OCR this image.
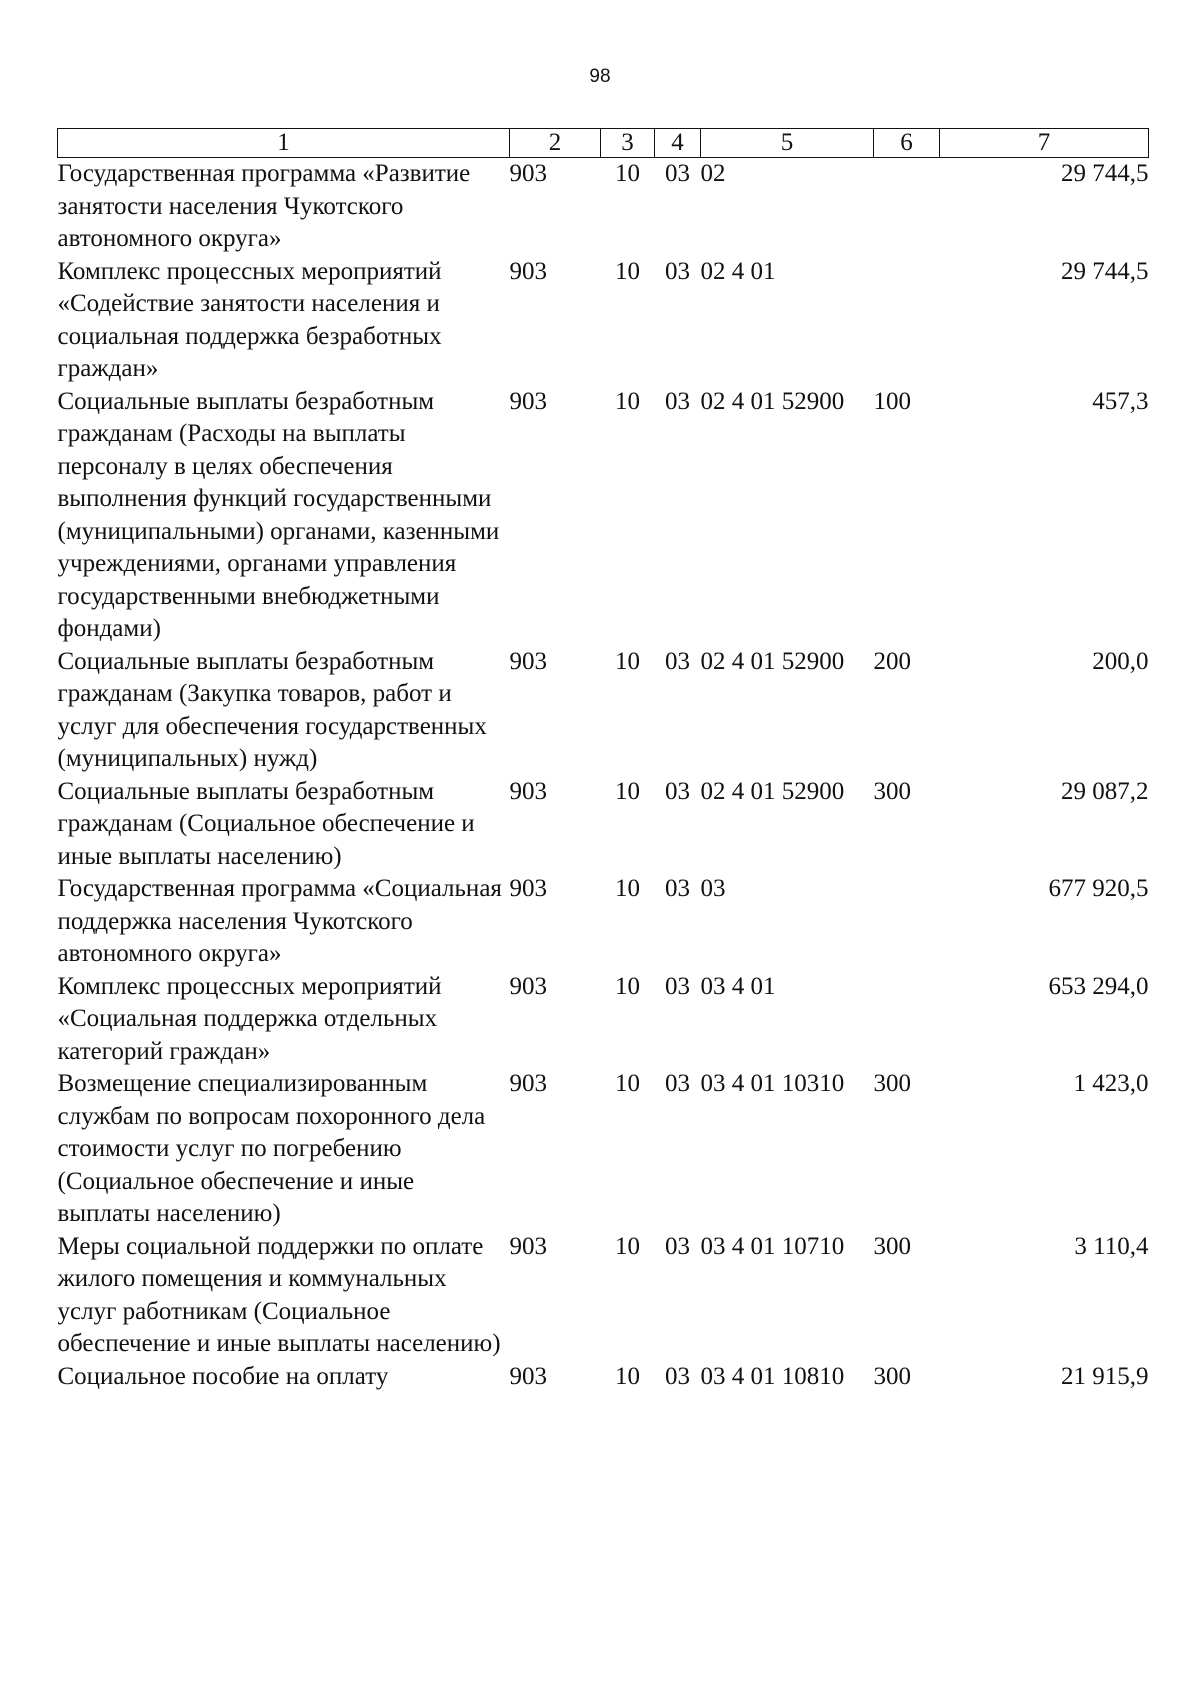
98
1	2	3	4	5	6	7
Государственная программа «Развитие занятости населения Чукотского автономного округа»	903	10	03	02		29 744,5
Комплекс процессных мероприятий «Содействие занятости населения и социальная поддержка безработных граждан»	903	10	03	02 4 01		29 744,5
Социальные выплаты безработным гражданам (Расходы на выплаты персоналу в целях обеспечения выполнения функций государственными (муниципальными) органами, казенными учреждениями, органами управления государственными внебюджетными фондами)	903	10	03	02 4 01 52900	100	457,3
Социальные выплаты безработным гражданам (Закупка товаров, работ и услуг для обеспечения государственных (муниципальных) нужд)	903	10	03	02 4 01 52900	200	200,0
Социальные выплаты безработным гражданам (Социальное обеспечение и иные выплаты населению)	903	10	03	02 4 01 52900	300	29 087,2
Государственная программа «Социальная поддержка населения Чукотского автономного округа»	903	10	03	03		677 920,5
Комплекс процессных мероприятий «Социальная поддержка отдельных категорий граждан»	903	10	03	03 4 01		653 294,0
Возмещение специализированным службам по вопросам похоронного дела стоимости услуг по погребению (Социальное обеспечение и иные выплаты населению)	903	10	03	03 4 01 10310	300	1 423,0
Меры социальной поддержки по оплате жилого помещения и коммунальных услуг работникам (Социальное обеспечение и иные выплаты населению)	903	10	03	03 4 01 10710	300	3 110,4
Социальное пособие на оплату	903	10	03	03 4 01 10810	300	21 915,9
